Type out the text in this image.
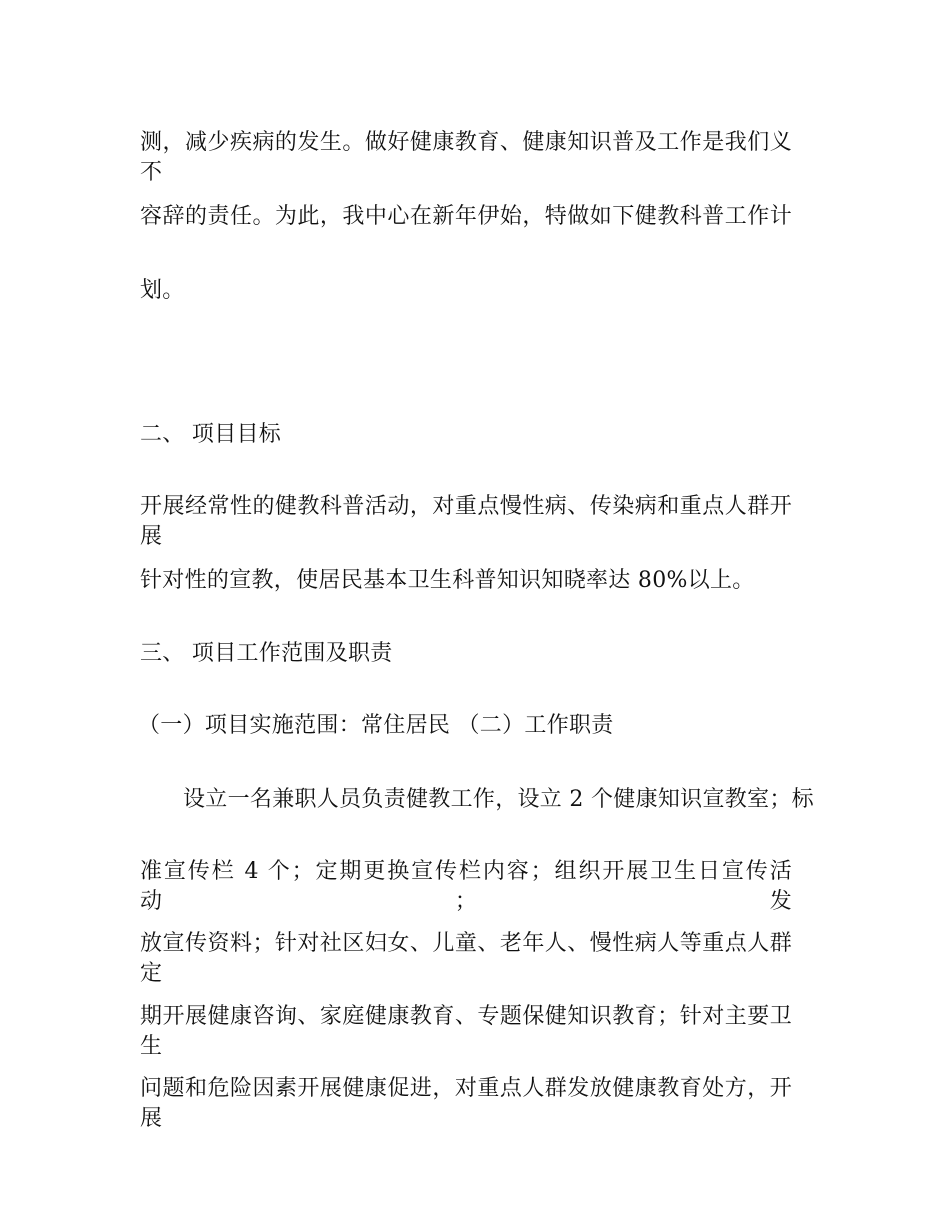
测，减少疾病的发生。做好健康教育、健康知识普及工作是我们义不
容辞的责任。为此，我中心在新年伊始，特做如下健教科普工作计
划。
二、 项目目标
开展经常性的健教科普活动，对重点慢性病、传染病和重点人群开展
针对性的宣教，使居民基本卫生科普知识知晓率达 80%以上。
三、 项目工作范围及职责
（一）项目实施范围：常住居民 （二）工作职责
设立一名兼职人员负责健教工作，设立 2 个健康知识宣教室；标
准宣传栏 4 个；定期更换宣传栏内容；组织开展卫生日宣传活动；发
放宣传资料；针对社区妇女、儿童、老年人、慢性病人等重点人群定
期开展健康咨询、家庭健康教育、专题保健知识教育；针对主要卫生
问题和危险因素开展健康促进，对重点人群发放健康教育处方，开展
